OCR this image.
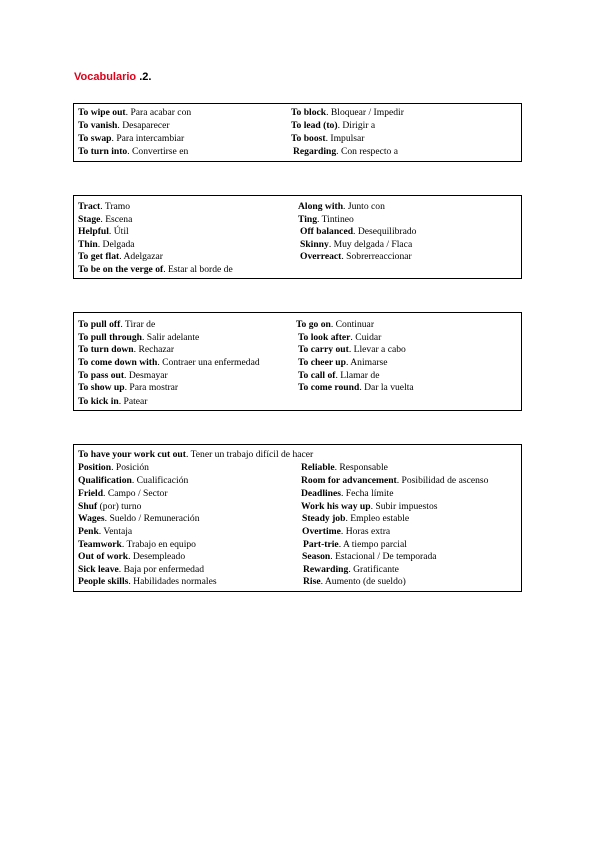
Vocabulario .2.
To wipe out. Para acabar con
To vanish. Desaparecer
To swap. Para intercambiar
To turn into. Convertirse en
To block. Bloquear / Impedir
To lead (to). Dirigir a
To boost. Impulsar
Regarding. Con respecto a
Tract. Tramo
Stage. Escena
Helpful. Útil
Thin. Delgada
To get flat. Adelgazar
To be on the verge of. Estar al borde de
Along with. Junto con
Ting. Tintineo
Off balanced. Desequilibrado
Skinny. Muy delgada / Flaca
Overreact. Sobrerreaccionar
To pull off. Tirar de
To pull through. Salir adelante
To turn down. Rechazar
To come down with. Contraer una enfermedad
To pass out. Desmayar
To show up. Para mostrar
To kick in. Patear
To go on. Continuar
To look after. Cuidar
To carry out. Llevar a cabo
To cheer up. Animarse
To call of. Llamar de
To come round. Dar la vuelta
To have your work cut out. Tener un trabajo difícil de hacer
Position. Posición
Qualification. Cualificación
Frield. Campo / Sector
Shuf (por) turno
Wages. Sueldo / Remuneración
Penk. Ventaja
Teamwork. Trabajo en equipo
Out of work. Desempleado
Sick leave. Baja por enfermedad
People skills. Habilidades normales
Reliable. Responsable
Room for advancement. Posibilidad de ascenso
Deadlines. Fecha límite
Work his way up. Subir impuestos
Steady job. Empleo estable
Overtime. Horas extra
Part-trie. A tiempo parcial
Season. Estacional / De temporada
Rewarding. Gratificante
Rise. Aumento (de sueldo)
